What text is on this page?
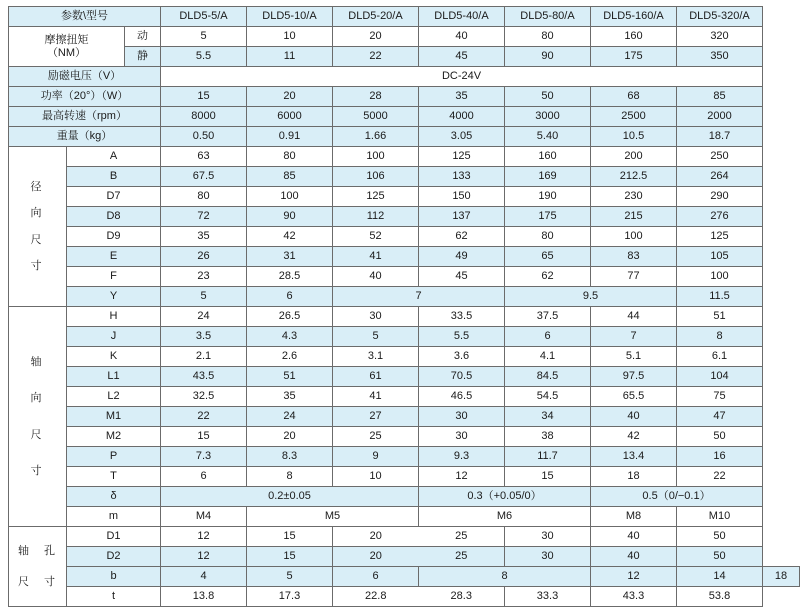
参数\型号			DLD5-5/A	DLD5-10/A	DLD5-20/A	DLD5-40/A	DLD5-80/A	DLD5-160/A	DLD5-320/A	

摩擦扭矩
（NM）		动	5	10	20	40	80	160	320	
		静	5.5	11	22	45	90	175	350	
励磁电压（V）			DC-24V							
功率（20°）（W）			15	20	28	35	50	68	85	
最高转速（rpm）			8000	6000	5000	4000	3000	2500	2000	
重量（kg）			0.50	0.91	1.66	3.05	5.40	10.5	18.7	

径
向
尺
寸	A		63	80	100	125	160	200	250	
	B		67.5	85	106	133	169	212.5	264	
	D7		80	100	125	150	190	230	290	
	D8		72	90	112	137	175	215	276	
	D9		35	42	52	62	80	100	125	
	E		26	31	41	49	65	83	105	
	F		23	28.5	40	45	62	77	100	
	Y		5	6	7		9.5		11.5	

轴
向
尺
寸	H		24	26.5	30	33.5	37.5	44	51	
	J		3.5	4.3	5	5.5	6	7	8	
	K		2.1	2.6	3.1	3.6	4.1	5.1	6.1	
	L1		43.5	51	61	70.5	84.5	97.5	104	
	L2		32.5	35	41	46.5	54.5	65.5	75	
	M1		22	24	27	30	34	40	47	
	M2		15	20	25	30	38	42	50	
	P		7.3	8.3	9	9.3	11.7	13.4	16	
	T		6	8	10	12	15	18	22	
	δ		0.2±0.05			0.3（+0.05/0）		0.5（0/−0.1）		
	m		M4	M5		M6		M8	M10	

轴　孔
尺　寸	D1		12	15	20	25	30	40	50	
	D2		12	15	20	25	30	40	50	
	b		4	5	6	8		12	14	18
	t		13.8	17.3	22.8	28.3	33.3	43.3	53.8	
